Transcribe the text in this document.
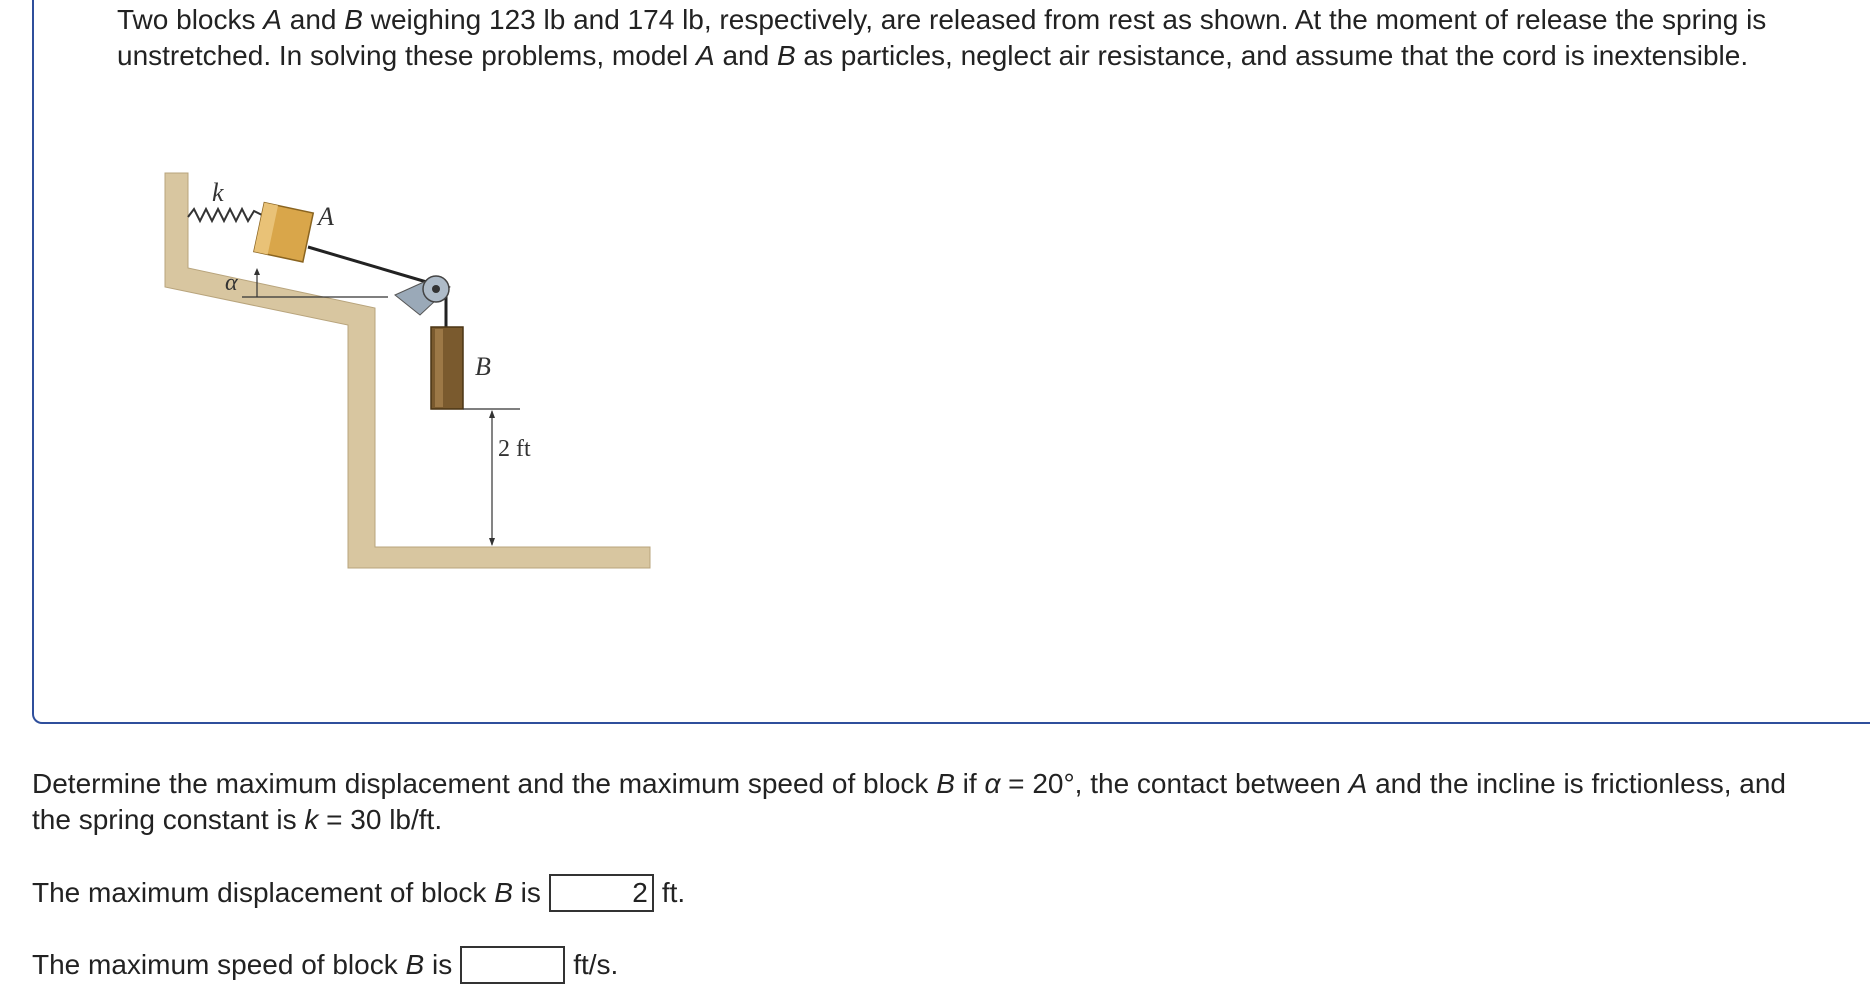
Two blocks A and B weighing 123 lb and 174 lb, respectively, are released from rest as shown. At the moment of release the spring is unstretched. In solving these problems, model A and B as particles, neglect air resistance, and assume that the cord is inextensible.

k
A
α
B
2 ft

Determine the maximum displacement and the maximum speed of block B if α = 20°, the contact between A and the incline is frictionless, and the spring constant is k = 30 lb/ft.

The maximum displacement of block B is
2	ft.
The maximum speed of block B is	ft/s.
